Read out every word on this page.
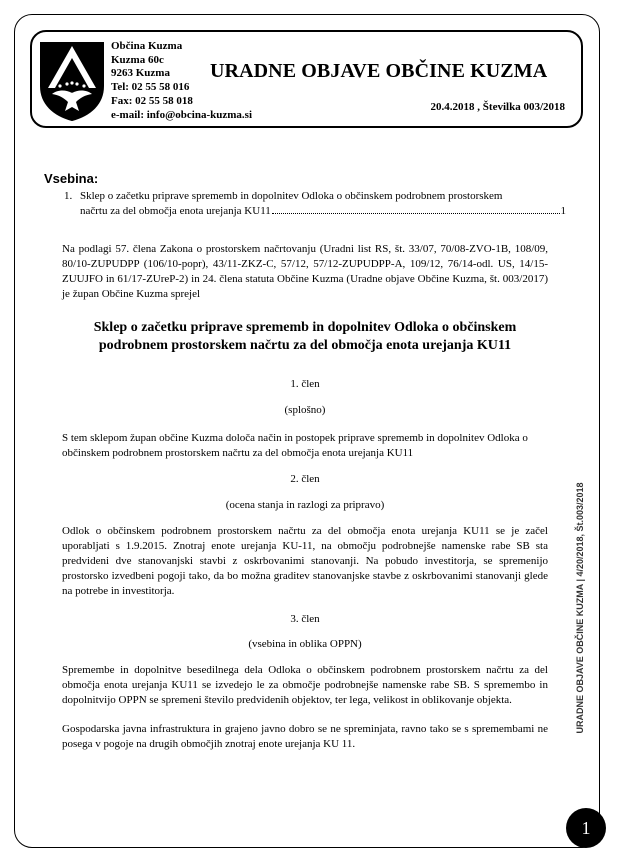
Občina Kuzma
Kuzma 60c
9263 Kuzma
Tel: 02 55 58 016
Fax: 02 55 58 018
e-mail: info@obcina-kuzma.si
URADNE OBJAVE OBČINE KUZMA
20.4.2018 , Številka 003/2018
Vsebina:
1. Sklep o začetku priprave sprememb in dopolnitev Odloka o občinskem podrobnem prostorskem
načrtu za del območja enota urejanja KU11	1
Na podlagi 57. člena Zakona o prostorskem načrtovanju (Uradni list RS, št. 33/07, 70/08-ZVO-1B, 108/09, 80/10-ZUPUDPP (106/10-popr), 43/11-ZKZ-C, 57/12, 57/12-ZUPUDPP-A, 109/12, 76/14-odl. US, 14/15-ZUUJFO in 61/17-ZUreP-2) in 24. člena statuta Občine Kuzma (Uradne objave Občine Kuzma, št. 003/2017) je župan Občine Kuzma sprejel
Sklep o začetku priprave sprememb in dopolnitev Odloka o občinskem podrobnem prostorskem načrtu za del območja enota urejanja KU11
1. člen
(splošno)
S tem sklepom župan občine Kuzma določa način in postopek priprave sprememb in dopolnitev Odloka o občinskem podrobnem prostorskem načrtu za del območja enota urejanja KU11
2. člen
(ocena stanja in razlogi za pripravo)
Odlok o občinskem podrobnem prostorskem načrtu za del območja enota urejanja KU11 se je začel uporabljati s 1.9.2015. Znotraj enote urejanja KU-11, na območju podrobnejše namenske rabe SB sta predvideni dve stanovanjski stavbi z oskrbovanimi stanovanji. Na pobudo investitorja, se spremenijo prostorsko izvedbeni pogoji tako, da bo možna graditev stanovanjske stavbe z oskrbovanimi stanovanji glede na potrebe in investitorja.
3. člen
(vsebina in oblika OPPN)
Spremembe in dopolnitve besedilnega dela Odloka o občinskem podrobnem prostorskem načrtu za del območja enota urejanja KU11 se izvedejo le za območje podrobnejše namenske rabe SB. S spremembo in dopolnitvijo OPPN se spremeni število predvidenih objektov, ter lega, velikost in oblikovanje objekta.
Gospodarska javna infrastruktura in grajeno javno dobro se ne spreminjata, ravno tako se s spremembami ne posega v pogoje na drugih območjih znotraj enote urejanja KU 11.
URADNE OBJAVE OBČINE KUZMA | 4/20/2018, Št.003/2018
1
